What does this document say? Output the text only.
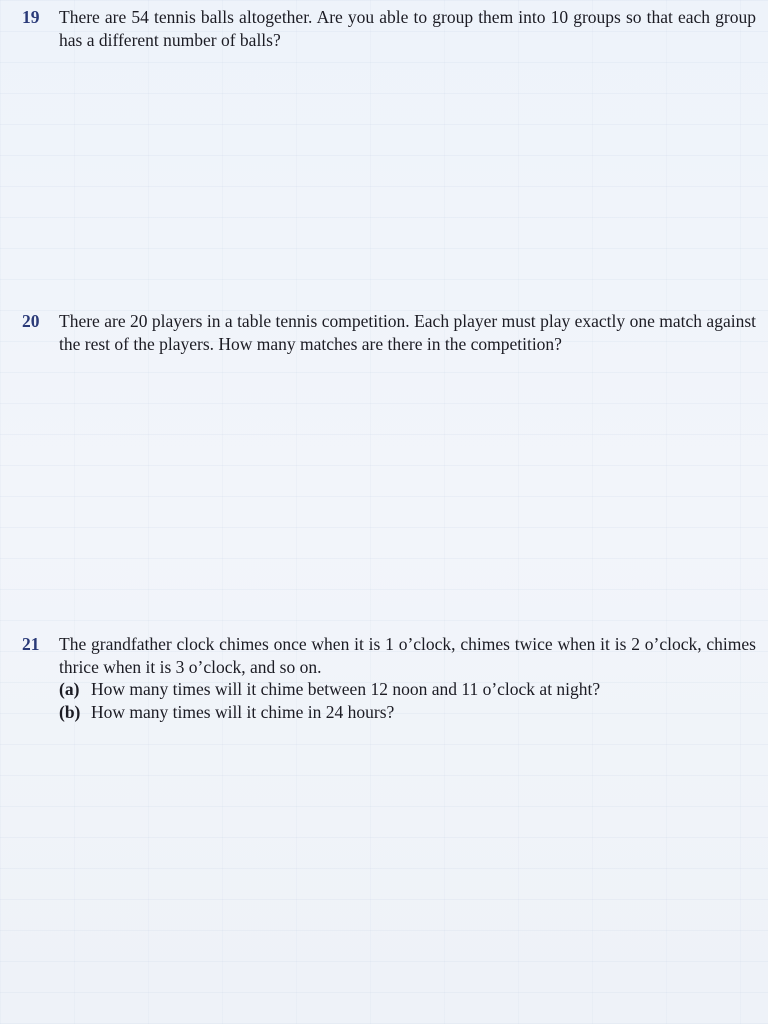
19 There are 54 tennis balls altogether. Are you able to group them into 10 groups so that each group has a different number of balls?

20 There are 20 players in a table tennis competition. Each player must play exactly one match against the rest of the players. How many matches are there in the competition?

21 The grandfather clock chimes once when it is 1 o’clock, chimes twice when it is 2 o’clock, chimes thrice when it is 3 o’clock, and so on.

(a) How many times will it chime between 12 noon and 11 o’clock at night?
(b) How many times will it chime in 24 hours?
